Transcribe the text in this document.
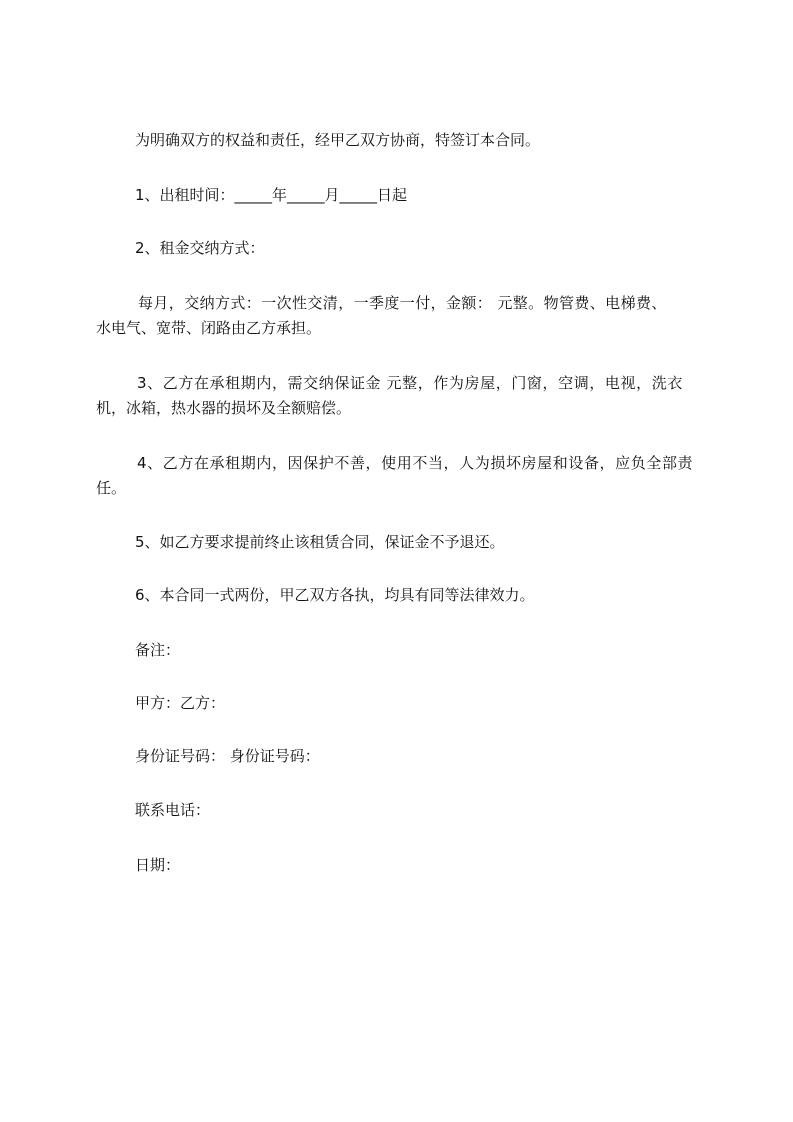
为明确双方的权益和责任，经甲乙双方协商，特签订本合同。
1、出租时间：_____年_____月_____日起
2、租金交纳方式：
每月，交纳方式：一次性交清，一季度一付，金额： 元整。物管费、电梯费、
水电气、宽带、闭路由乙方承担。
3、乙方在承租期内，需交纳保证金 元整，作为房屋，门窗，空调，电视，洗衣
机，冰箱，热水器的损坏及全额赔偿。
4、乙方在承租期内，因保护不善，使用不当，人为损坏房屋和设备，应负全部责
任。
5、如乙方要求提前终止该租赁合同，保证金不予退还。
6、本合同一式两份，甲乙双方各执，均具有同等法律效力。
备注：
甲方：乙方：
身份证号码： 身份证号码：
联系电话：
日期：
